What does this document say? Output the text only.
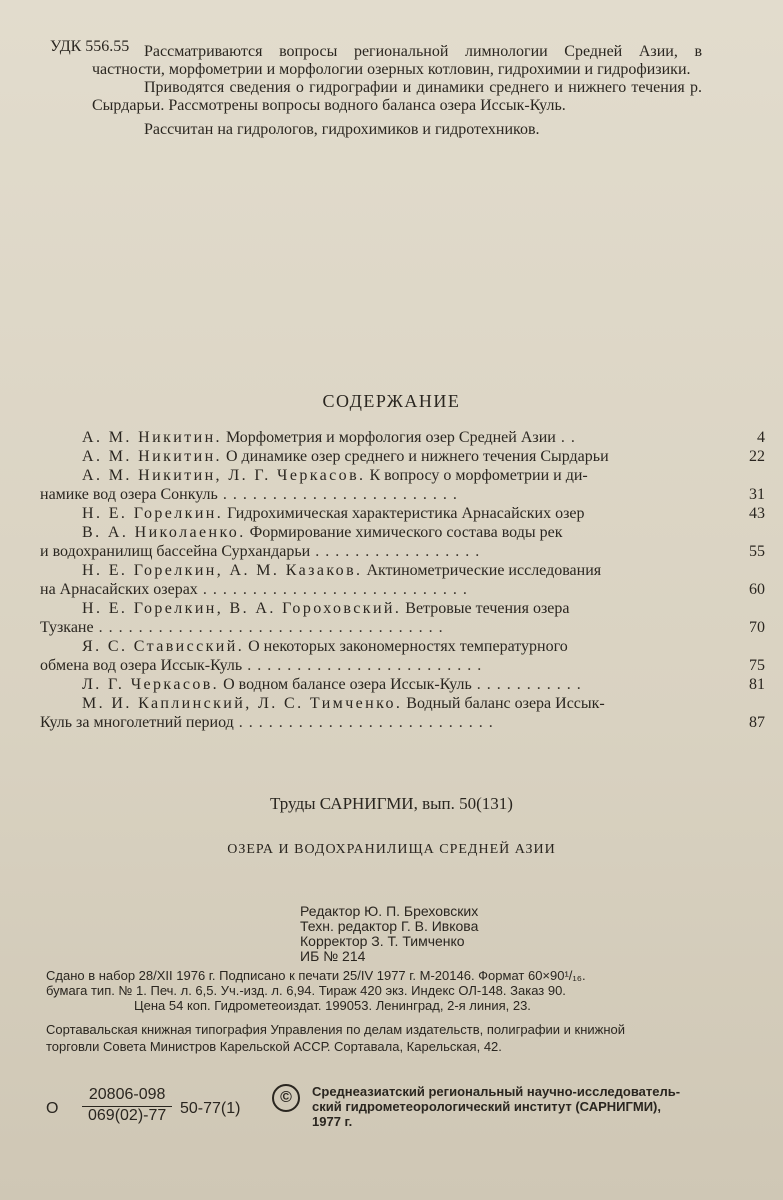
УДК 556.55 Рассматриваются вопросы региональной лимнологии Средней Азии, в частности, морфометрии и морфологии озерных котловин, гидрохимии и гидрофизики.

Приводятся сведения о гидрографии и динамики среднего и нижнего течения р. Сырдарьи. Рассмотрены вопросы водного баланса озера Иссык-Куль.

Рассчитан на гидрологов, гидрохимиков и гидротехников.

СОДЕРЖАНИЕ
А. М. Никитин. Морфометрия и морфология озер Средней Азии . .	4
А. М. Никитин. О динамике озер среднего и нижнего течения Сырдарьи	22
А. М. Никитин, Л. Г. Черкасов. К вопросу о морфометрии и ди-
намике вод озера Сонкуль . . . . . . . . . . . . . . . . . . . . . . . .	31
Н. Е. Горелкин. Гидрохимическая характеристика Арнасайских озер	43
В. А. Николаенко. Формирование химического состава воды рек
и водохранилищ бассейна Сурхандарьи . . . . . . . . . . . . . . . . .	55
Н. Е. Горелкин, А. М. Казаков. Актинометрические исследования
на Арнасайских озерах . . . . . . . . . . . . . . . . . . . . . . . . . . .	60
Н. Е. Горелкин, В. А. Гороховский. Ветровые течения озера
Тузкане . . . . . . . . . . . . . . . . . . . . . . . . . . . . . . . . . . .	70
Я. С. Стависский. О некоторых закономерностях температурного
обмена вод озера Иссык-Куль . . . . . . . . . . . . . . . . . . . . . . . .	75
Л. Г. Черкасов. О водном балансе озера Иссык-Куль . . . . . . . . . . .	81
М. И. Каплинский, Л. С. Тимченко. Водный баланс озера Иссык-
Куль за многолетний период . . . . . . . . . . . . . . . . . . . . . . . . . .	87
Труды САРНИГМИ, вып. 50(131)
ОЗЕРА И ВОДОХРАНИЛИЩА СРЕДНЕЙ АЗИИ
Редактор Ю. П. Бреховских
Техн. редактор Г. В. Ивкова
Корректор З. Т. Тимченко
ИБ № 214
Сдано в набор 28/XII 1976 г. Подписано к печати 25/IV 1977 г. М-20146. Формат 60×90¹/₁₆.
бумага тип. № 1. Печ. л. 6,5. Уч.-изд. л. 6,94. Тираж 420 экз. Индекс ОЛ-148. Заказ 90.
Цена 54 коп. Гидрометеоиздат. 199053. Ленинград, 2-я линия, 23.
Сортавальская книжная типография Управления по делам издательств, полиграфии и книжной
торговли Совета Министров Карельской АССР. Сортавала, Карельская, 42.
О $\frac{20806-098}{069(02)-77} 50-77(1)$
©	Среднеазиатский региональный научно-исследователь-
ский гидрометеорологический институт (САРНИГМИ),
1977 г.
